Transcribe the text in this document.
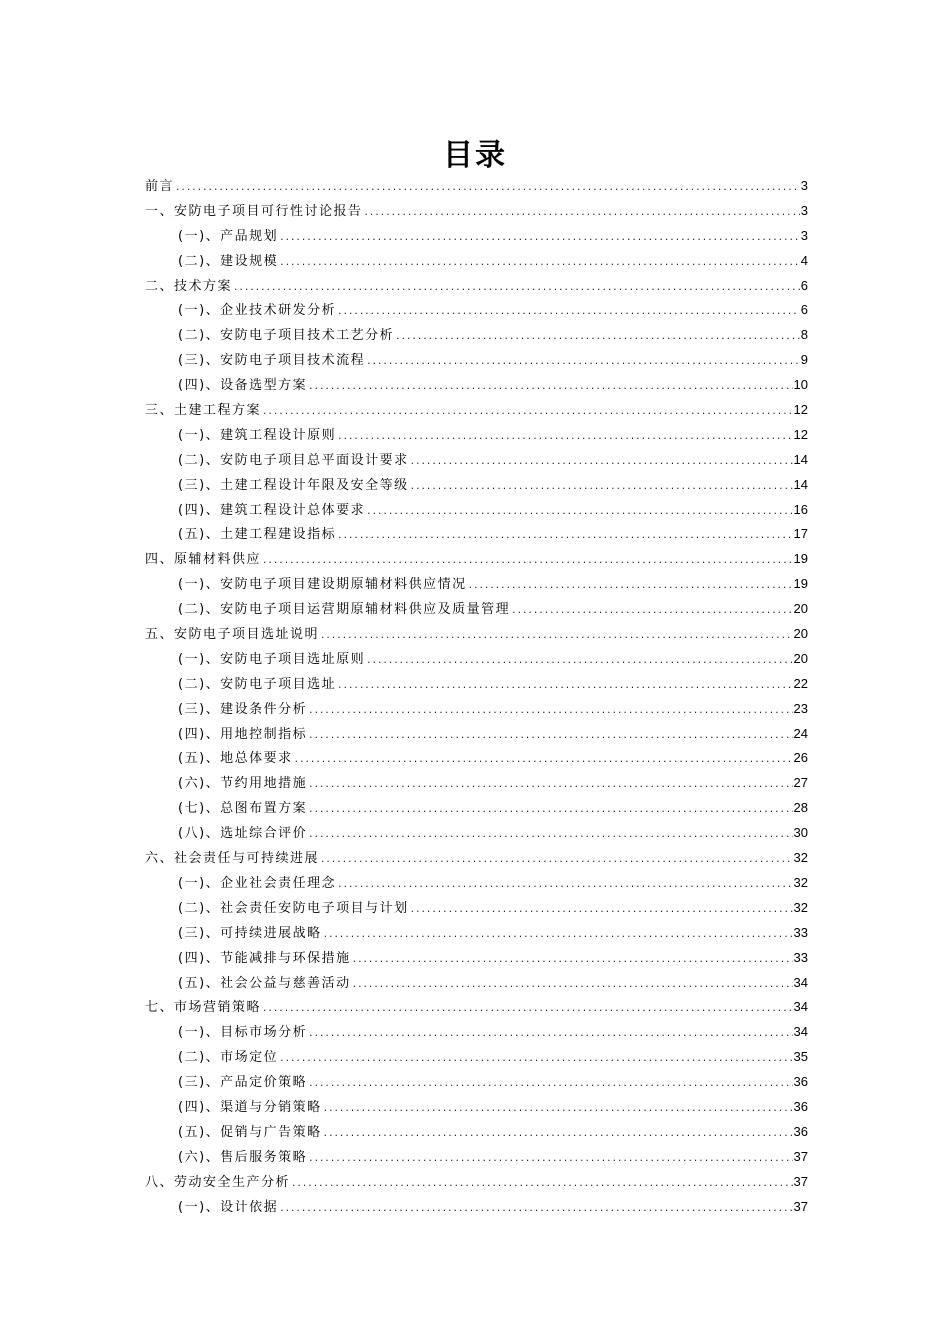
目录
前言 .....	3
一、安防电子项目可行性讨论报告 .....	3
(一)、产品规划 .....	3
(二)、建设规模 .....	4
二、技术方案 .....	6
(一)、企业技术研发分析 .....	6
(二)、安防电子项目技术工艺分析 .....	8
(三)、安防电子项目技术流程 .....	9
(四)、设备选型方案 .....	10
三、土建工程方案 .....	12
(一)、建筑工程设计原则 .....	12
(二)、安防电子项目总平面设计要求 .....	14
(三)、土建工程设计年限及安全等级 .....	14
(四)、建筑工程设计总体要求 .....	16
(五)、土建工程建设指标 .....	17
四、原辅材料供应 .....	19
(一)、安防电子项目建设期原辅材料供应情况 .....	19
(二)、安防电子项目运营期原辅材料供应及质量管理 .....	20
五、安防电子项目选址说明 .....	20
(一)、安防电子项目选址原则 .....	20
(二)、安防电子项目选址 .....	22
(三)、建设条件分析 .....	23
(四)、用地控制指标 .....	24
(五)、地总体要求 .....	26
(六)、节约用地措施 .....	27
(七)、总图布置方案 .....	28
(八)、选址综合评价 .....	30
六、社会责任与可持续进展 .....	32
(一)、企业社会责任理念 .....	32
(二)、社会责任安防电子项目与计划 .....	32
(三)、可持续进展战略 .....	33
(四)、节能减排与环保措施 .....	33
(五)、社会公益与慈善活动 .....	34
七、市场营销策略 .....	34
(一)、目标市场分析 .....	34
(二)、市场定位 .....	35
(三)、产品定价策略 .....	36
(四)、渠道与分销策略 .....	36
(五)、促销与广告策略 .....	36
(六)、售后服务策略 .....	37
八、劳动安全生产分析 .....	37
(一)、设计依据 .....	37
